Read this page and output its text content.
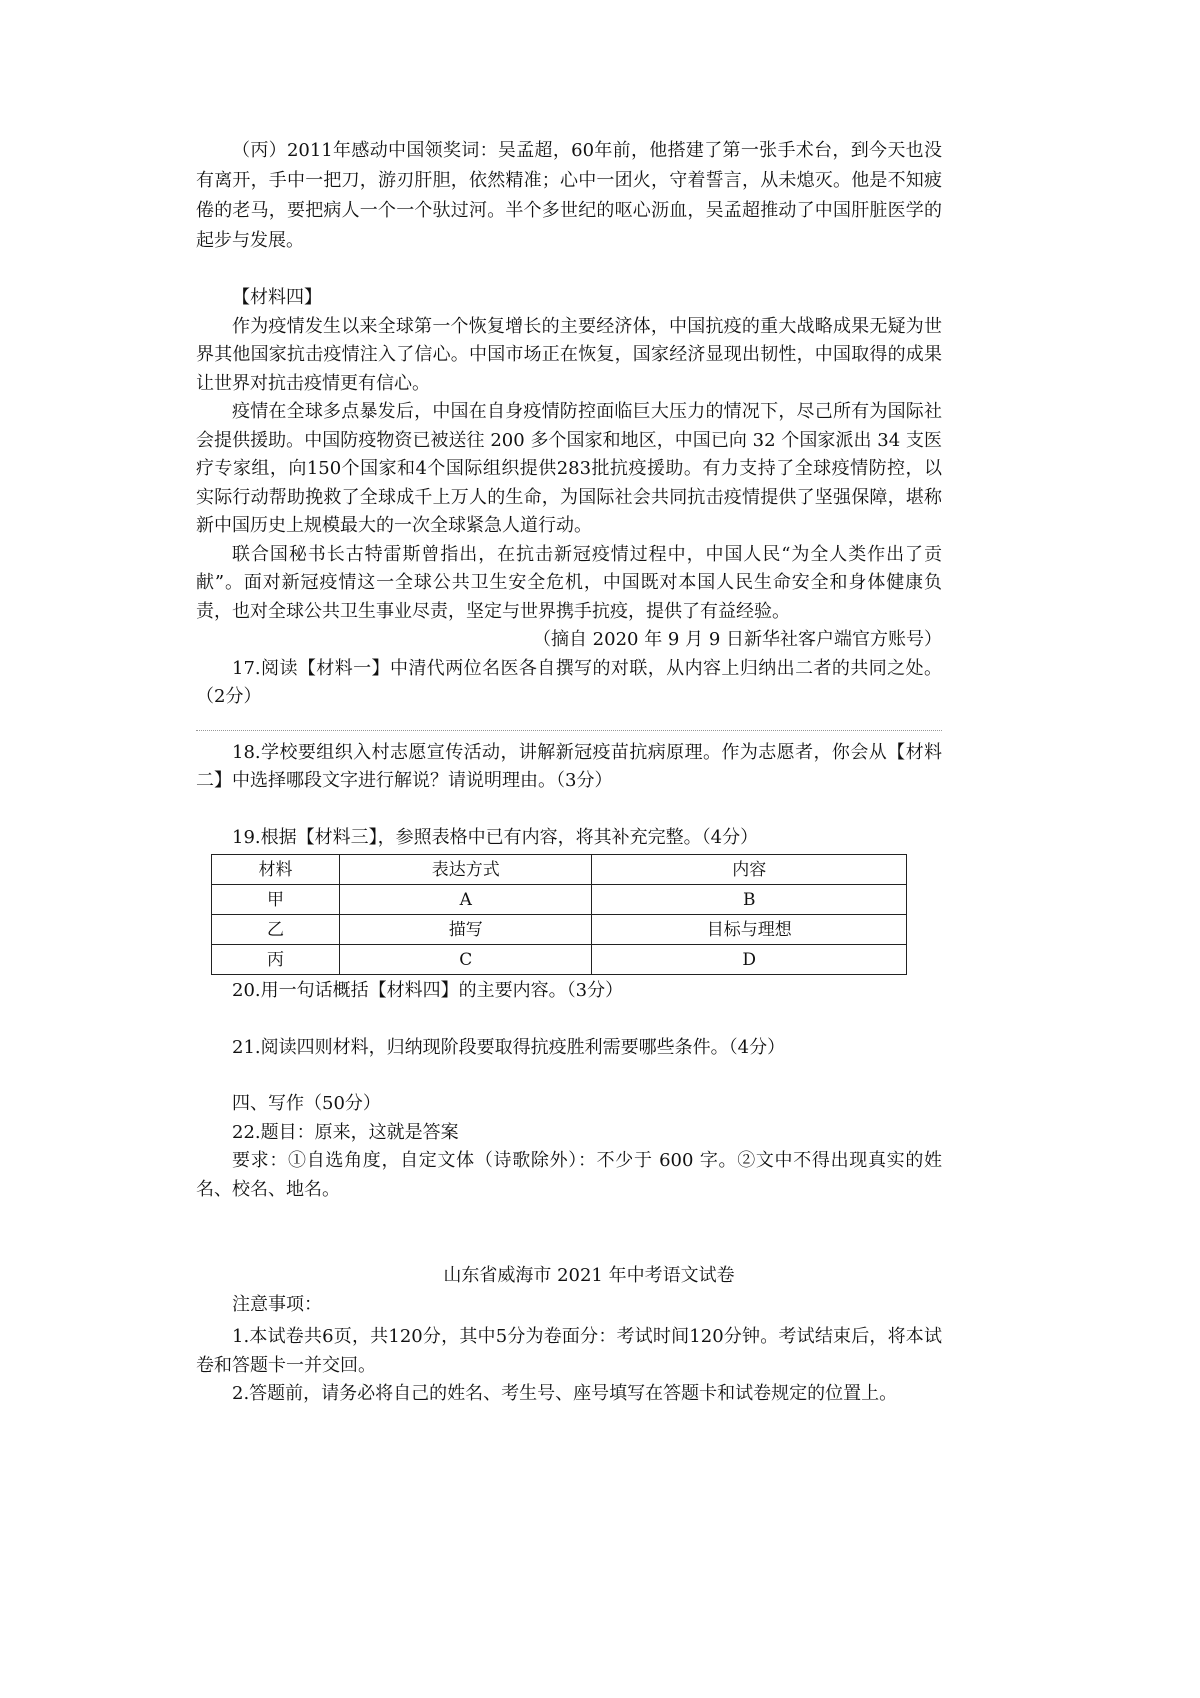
（丙）2011年感动中国领奖词：吴孟超，60年前，他搭建了第一张手术台，到今天也没有离开，手中一把刀，游刃肝胆，依然精准；心中一团火，守着誓言，从未熄灭。他是不知疲倦的老马，要把病人一个一个驮过河。半个多世纪的呕心沥血，吴孟超推动了中国肝脏医学的起步与发展。
【材料四】
作为疫情发生以来全球第一个恢复增长的主要经济体，中国抗疫的重大战略成果无疑为世界其他国家抗击疫情注入了信心。中国市场正在恢复，国家经济显现出韧性，中国取得的成果让世界对抗击疫情更有信心。
疫情在全球多点暴发后，中国在自身疫情防控面临巨大压力的情况下，尽己所有为国际社会提供援助。中国防疫物资已被送往 200 多个国家和地区，中国已向 32 个国家派出 34 支医疗专家组，向150个国家和4个国际组织提供283批抗疫援助。有力支持了全球疫情防控，以实际行动帮助挽救了全球成千上万人的生命，为国际社会共同抗击疫情提供了坚强保障，堪称新中国历史上规模最大的一次全球紧急人道行动。
联合国秘书长古特雷斯曾指出，在抗击新冠疫情过程中，中国人民“为全人类作出了贡献”。面对新冠疫情这一全球公共卫生安全危机，中国既对本国人民生命安全和身体健康负责，也对全球公共卫生事业尽责，坚定与世界携手抗疫，提供了有益经验。
（摘自 2020 年 9 月 9 日新华社客户端官方账号）
17.阅读【材料一】中清代两位名医各自撰写的对联，从内容上归纳出二者的共同之处。（2分）
18.学校要组织入村志愿宣传活动，讲解新冠疫苗抗病原理。作为志愿者，你会从【材料二】中选择哪段文字进行解说？请说明理由。（3分）
19.根据【材料三】，参照表格中已有内容，将其补充完整。（4分）
材料	表达方式	内容
甲	A	B
乙	描写	目标与理想
丙	C	D
20.用一句话概括【材料四】的主要内容。（3分）
21.阅读四则材料，归纳现阶段要取得抗疫胜利需要哪些条件。（4分）
四、写作（50分）
22.题目：原来，这就是答案
要求：①自选角度，自定文体（诗歌除外）：不少于 600 字。②文中不得出现真实的姓名、校名、地名。
山东省威海市 2021 年中考语文试卷
注意事项：
1.本试卷共6页，共120分，其中5分为卷面分：考试时间120分钟。考试结束后，将本试卷和答题卡一并交回。
2.答题前，请务必将自己的姓名、考生号、座号填写在答题卡和试卷规定的位置上。
